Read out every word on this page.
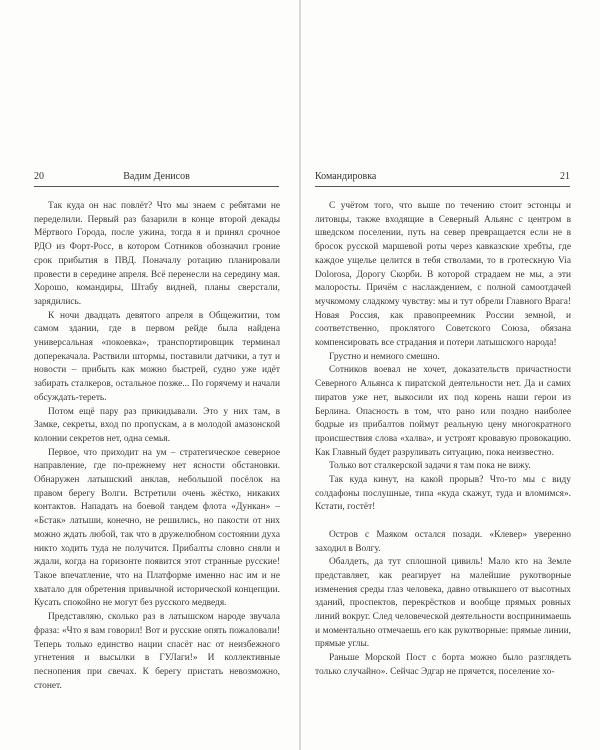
20	Вадим Денисов

Так куда он нас повлёт? Что мы знаем с ребятами не переделили. Первый раз базарили в конце второй декады Мёртвого Города, после ужина, тогда я и принял срочное РДО из Форт-Росс, в котором Сотников обозначил гроние срок прибытия в ПВД. Поначалу ротацию планировали провести в середине апреля. Всё перенесли на середину мая. Хорошо, командиры, Штабу видней, планы сверстали, зарядились.

К ночи двадцать девятого апреля в Общежитии, том самом здании, где в первом рейде была найдена универсальная «покоевка», транспортировщик терминал доперекачала. Раствили штормы, поставили датчики, а тут и новости – прибыть как можно быстрей, судно уже идёт забирать сталкеров, остальное позже... По горячему и начали обсуждать-тереть.

Потом ещё пару раз прикидывали. Это у них там, в Замке, секреты, вход по пропускам, а в молодой амазонской колонии секретов нет, одна семья.

Первое, что приходит на ум – стратегическое северное направление, где по-прежнему нет ясности обстановки. Обнаружен латышский анклав, небольшой посёлок на правом берегу Волги. Встретили очень жёстко, никаких контактов. Нападать на боевой тандем флота «Дункан» – «Бстак» латыши, конечно, не решились, но пакости от них можно ждать любой, так что в дружелюбном состоянии духа никто ходить туда не получится. Прибалты словно сняли и ждали, когда на горизонте появится этот странные русские! Такое впечатление, что на Платформе именно нас им и не хватало для обретения привычной исторической концепции. Кусать спокойно не могут без русского медведя.

Представляю, сколько раз в латышском народе звучала фраза: «Что я вам говорил! Вот и русские опять пожаловали! Теперь только единство нации спасёт нас от неизбежного угнетения и высылки в ГУЛаги!» И коллективные песнопения при свечах. К берегу пристать невозможно, стонет.

Командировка	21

С учётом того, что выше по течению стоит эстонцы и литовцы, также входящие в Северный Альянс с центром в шведском поселении, путь на север превращается если не в бросок русской маршевой роты через кавказские хребты, где каждое ущелье целится в тебя стволами, то в гротескную Via Dolorosa, Дорогу Скорби. В которой страдаем не мы, а эти малоросты. Причём с наслаждением, с полной самоотдачей мучкомому сладкому чувству: мы и тут обрели Главного Врага! Новая Россия, как правопреемник России земной, и соответственно, проклятого Советского Союза, обязана компенсировать все страдания и потери латышского народа!

Грустно и немного смешно.

Сотников воевал не хочет, доказательств причастности Северного Альянса к пиратской деятельности нет. Да и самих пиратов уже нет, выкосили их под корень наши герои из Берлина. Опасность в том, что рано или поздно наиболее бодрые из прибалтов поймут реальную цену многократного происшествия слова «халва», и устроят кровавую провокацию. Как Главный будет разруливать ситуацию, пока неизвестно.

Только вот сталкерской задачи я там пока не вижу.

Так куда кинут, на какой прорыв? Что-то мы с виду солдафоны послушные, типа «куда скажут, туда и вломимся». Кстати, гостёт!

Остров с Маяком остался позади. «Клевер» уверенно заходил в Волгу.

Обалдеть, да тут сплошной цивиль! Мало кто на Земле представляет, как реагирует на малейшие рукотворные изменения среды глаз человека, давно отвыкшего от высотных зданий, проспектов, перекрёстков и вообще прямых ровных линий вокруг. След человеческой деятельности воспринимаешь и моментально отмечаешь его как рукотворные: прямые линии, прямые углы.

Раньше Морской Пост с борта можно было разглядеть только случайно». Сейчас Эдгар не прячется, поселение хо-
